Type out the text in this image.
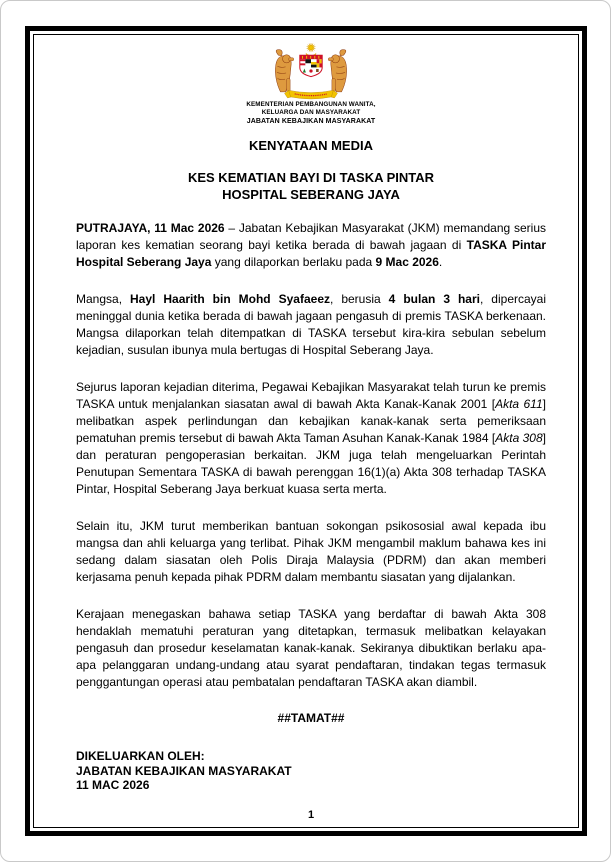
KEMENTERIAN PEMBANGUNAN WANITA,
KELUARGA DAN MASYARAKAT
JABATAN KEBAJIKAN MASYARAKAT
KENYATAAN MEDIA
KES KEMATIAN BAYI DI TASKA PINTAR
HOSPITAL SEBERANG JAYA

PUTRAJAYA, 11 Mac 2026 – Jabatan Kebajikan Masyarakat (JKM) memandang serius laporan kes kematian seorang bayi ketika berada di bawah jagaan di TASKA Pintar Hospital Seberang Jaya yang dilaporkan berlaku pada 9 Mac 2026.

Mangsa, Hayl Haarith bin Mohd Syafaeez, berusia 4 bulan 3 hari, dipercayai meninggal dunia ketika berada di bawah jagaan pengasuh di premis TASKA berkenaan. Mangsa dilaporkan telah ditempatkan di TASKA tersebut kira-kira sebulan sebelum kejadian, susulan ibunya mula bertugas di Hospital Seberang Jaya.

Sejurus laporan kejadian diterima, Pegawai Kebajikan Masyarakat telah turun ke premis TASKA untuk menjalankan siasatan awal di bawah Akta Kanak-Kanak 2001 [Akta 611] melibatkan aspek perlindungan dan kebajikan kanak-kanak serta pemeriksaan pematuhan premis tersebut di bawah Akta Taman Asuhan Kanak-Kanak 1984 [Akta 308] dan peraturan pengoperasian berkaitan. JKM juga telah mengeluarkan Perintah Penutupan Sementara TASKA di bawah perenggan 16(1)(a) Akta 308 terhadap TASKA Pintar, Hospital Seberang Jaya berkuat kuasa serta merta.

Selain itu, JKM turut memberikan bantuan sokongan psikososial awal kepada ibu mangsa dan ahli keluarga yang terlibat. Pihak JKM mengambil maklum bahawa kes ini sedang dalam siasatan oleh Polis Diraja Malaysia (PDRM) dan akan memberi kerjasama penuh kepada pihak PDRM dalam membantu siasatan yang dijalankan.

Kerajaan menegaskan bahawa setiap TASKA yang berdaftar di bawah Akta 308 hendaklah mematuhi peraturan yang ditetapkan, termasuk melibatkan kelayakan pengasuh dan prosedur keselamatan kanak-kanak. Sekiranya dibuktikan berlaku apa-apa pelanggaran undang-undang atau syarat pendaftaran, tindakan tegas termasuk penggantungan operasi atau pembatalan pendaftaran TASKA akan diambil.

##TAMAT##
DIKELUARKAN OLEH:
JABATAN KEBAJIKAN MASYARAKAT
11 MAC 2026
1
